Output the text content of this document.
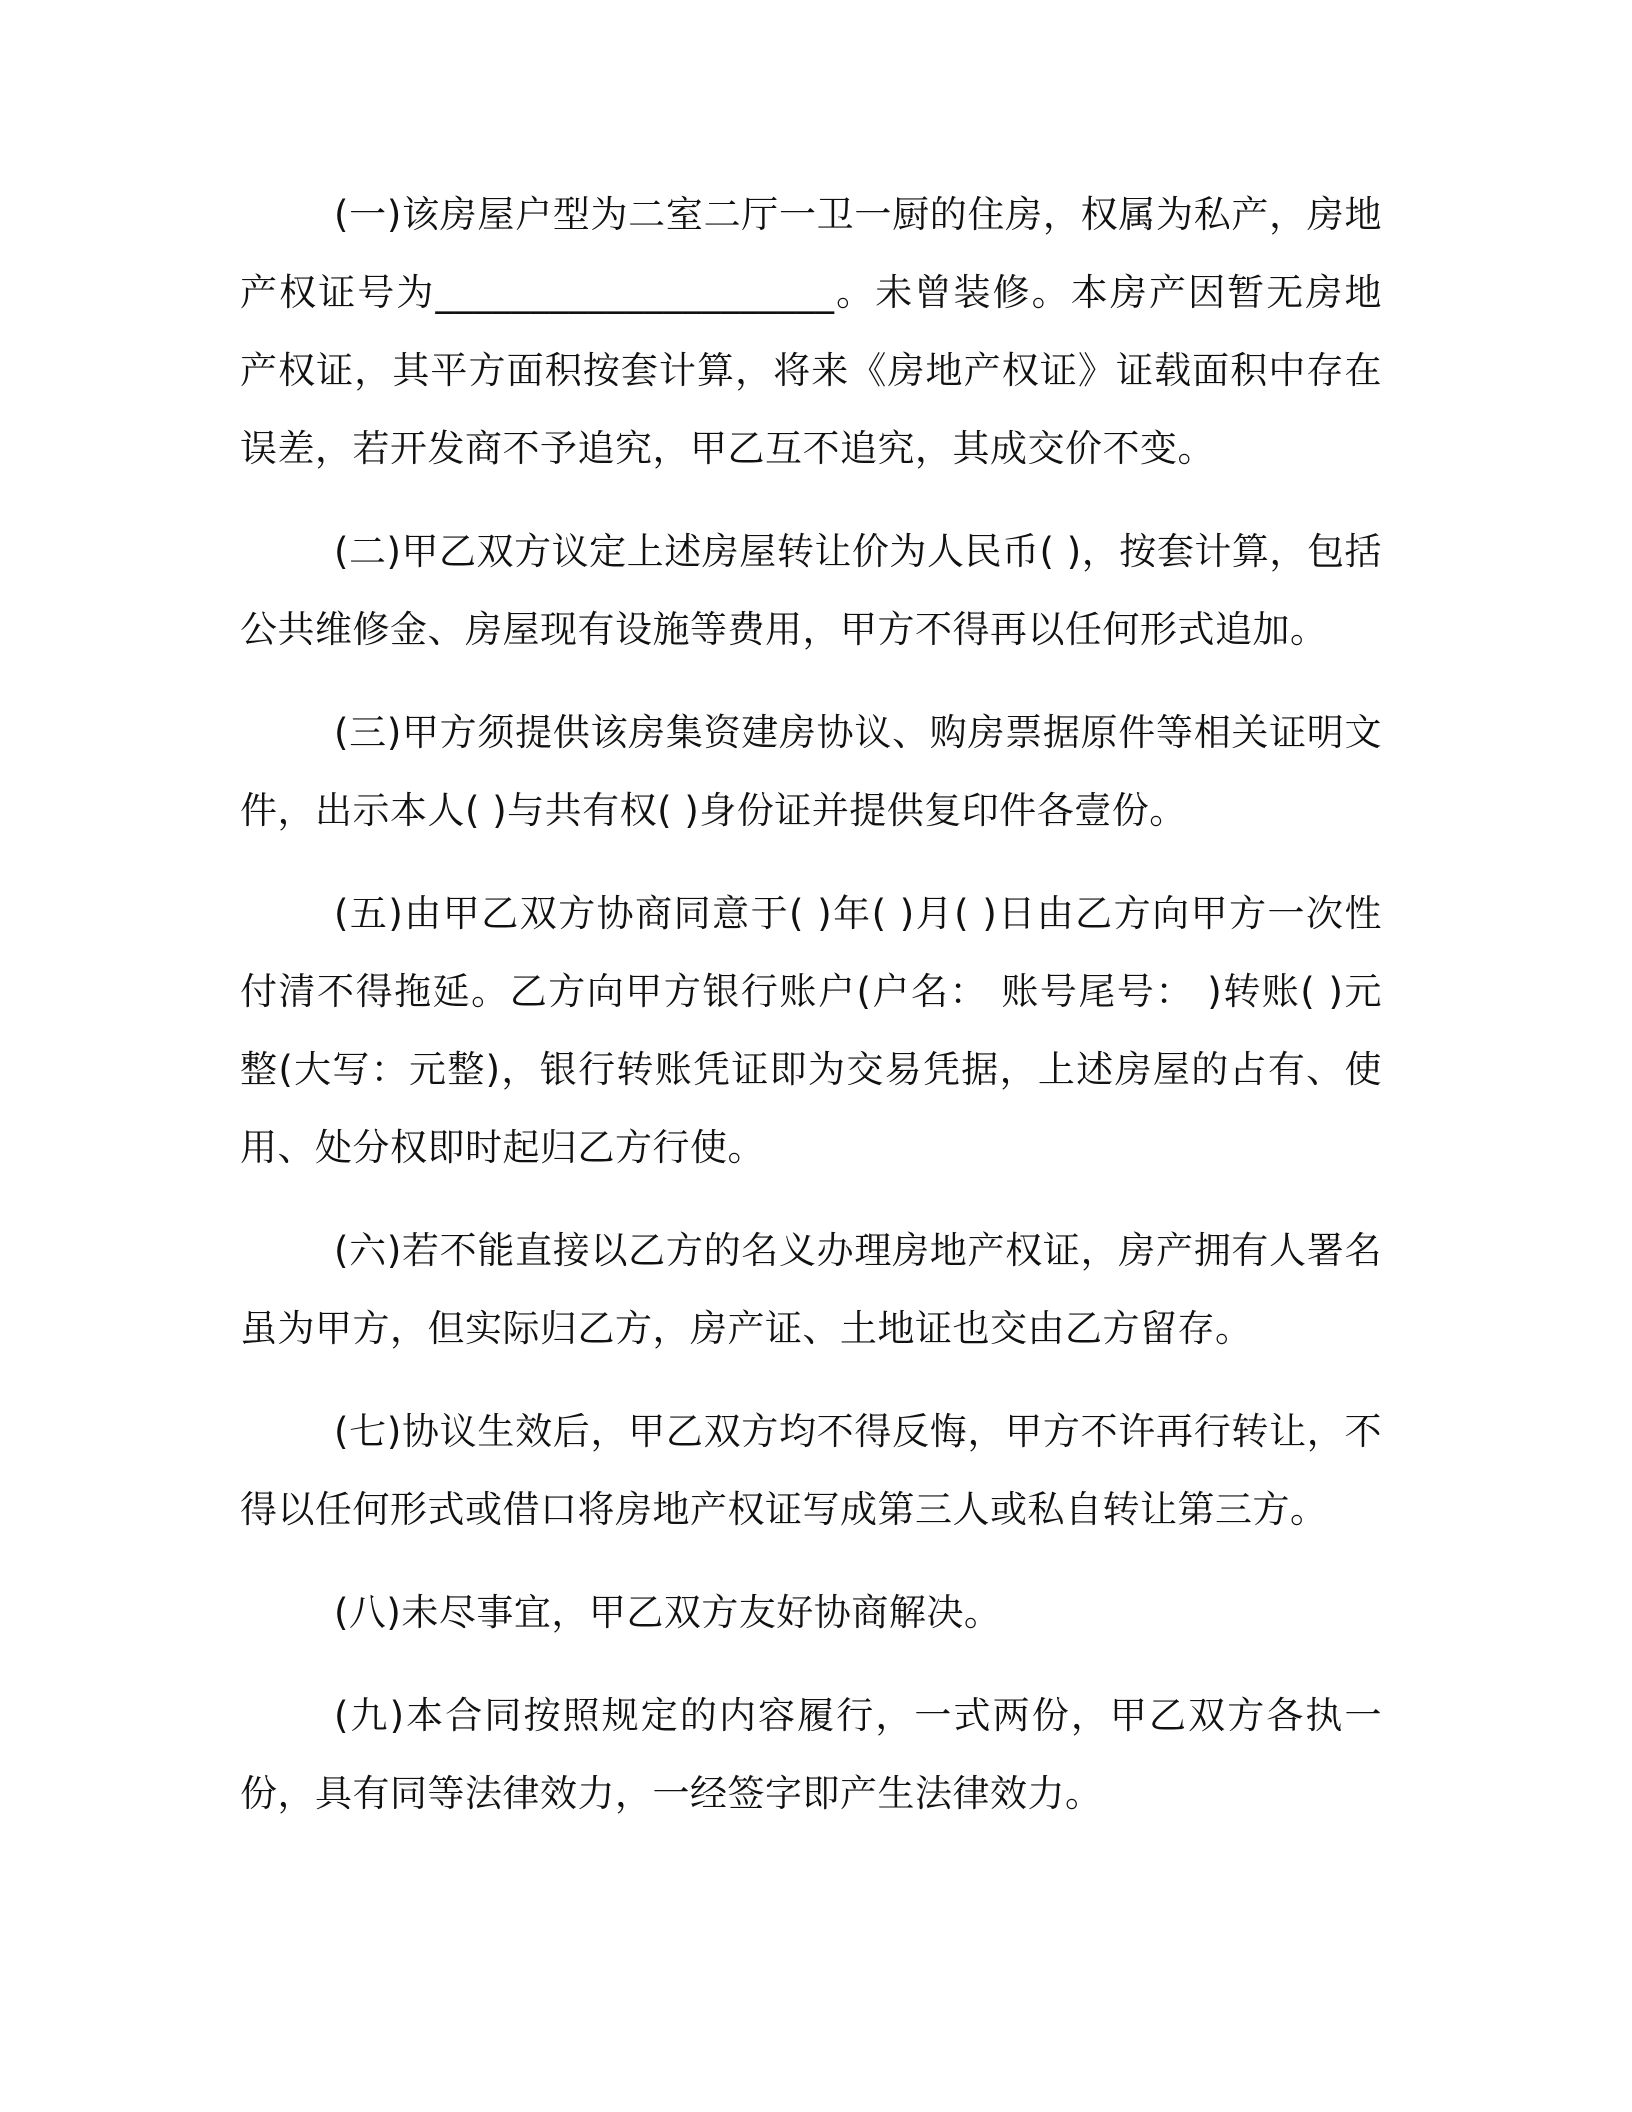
(一)该房屋户型为二室二厅一卫一厨的住房，权属为私产，房地产权证号为_____________________。未曾装修。本房产因暂无房地产权证，其平方面积按套计算，将来《房地产权证》证载面积中存在误差，若开发商不予追究，甲乙互不追究，其成交价不变。

(二)甲乙双方议定上述房屋转让价为人民币( )，按套计算，包括公共维修金、房屋现有设施等费用，甲方不得再以任何形式追加。

(三)甲方须提供该房集资建房协议、购房票据原件等相关证明文件，出示本人( )与共有权( )身份证并提供复印件各壹份。

(五)由甲乙双方协商同意于( )年( )月( )日由乙方向甲方一次性付清不得拖延。乙方向甲方银行账户(户名： 账号尾号： )转账( )元整(大写：元整)，银行转账凭证即为交易凭据，上述房屋的占有、使用、处分权即时起归乙方行使。

(六)若不能直接以乙方的名义办理房地产权证，房产拥有人署名虽为甲方，但实际归乙方，房产证、土地证也交由乙方留存。

(七)协议生效后，甲乙双方均不得反悔，甲方不许再行转让，不得以任何形式或借口将房地产权证写成第三人或私自转让第三方。

(八)未尽事宜，甲乙双方友好协商解决。

(九)本合同按照规定的内容履行，一式两份，甲乙双方各执一份，具有同等法律效力，一经签字即产生法律效力。
